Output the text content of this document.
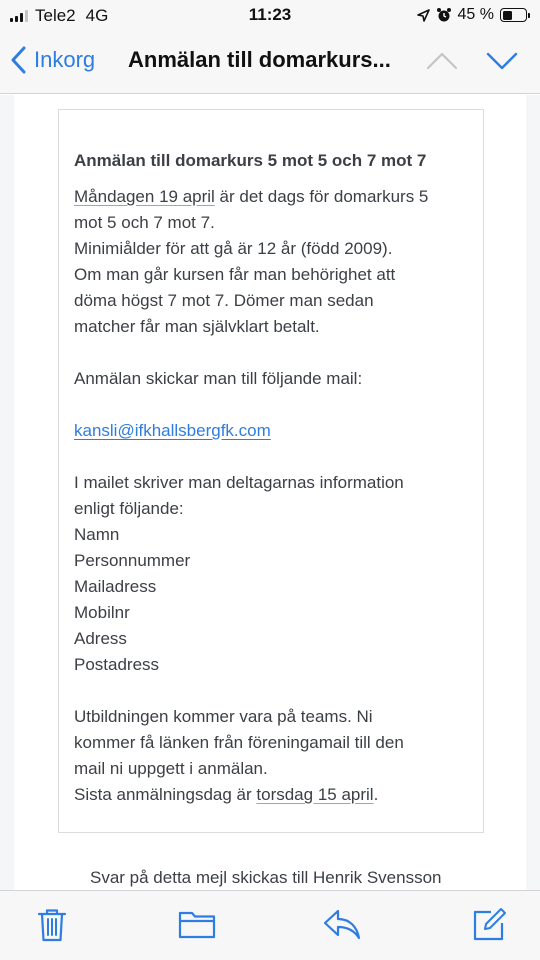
Tele2 4G	11:23	45 %
Inkorg Anmälan till domarkurs...
Anmälan till domarkurs 5 mot 5 och 7 mot 7
Måndagen 19 april är det dags för domarkurs 5
mot 5 och 7 mot 7.
Minimiålder för att gå är 12 år (född 2009).
Om man går kursen får man behörighet att
döma högst 7 mot 7. Dömer man sedan
matcher får man självklart betalt.
Anmälan skickar man till följande mail:
kansli@ifkhallsbergfk.com
I mailet skriver man deltagarnas information
enligt följande:
Namn
Personnummer
Mailadress
Mobilnr
Adress
Postadress
Utbildningen kommer vara på teams. Ni
kommer få länken från föreningamail till den
mail ni uppgett i anmälan.
Sista anmälningsdag är torsdag 15 april.
Svar på detta mejl skickas till Henrik Svensson
